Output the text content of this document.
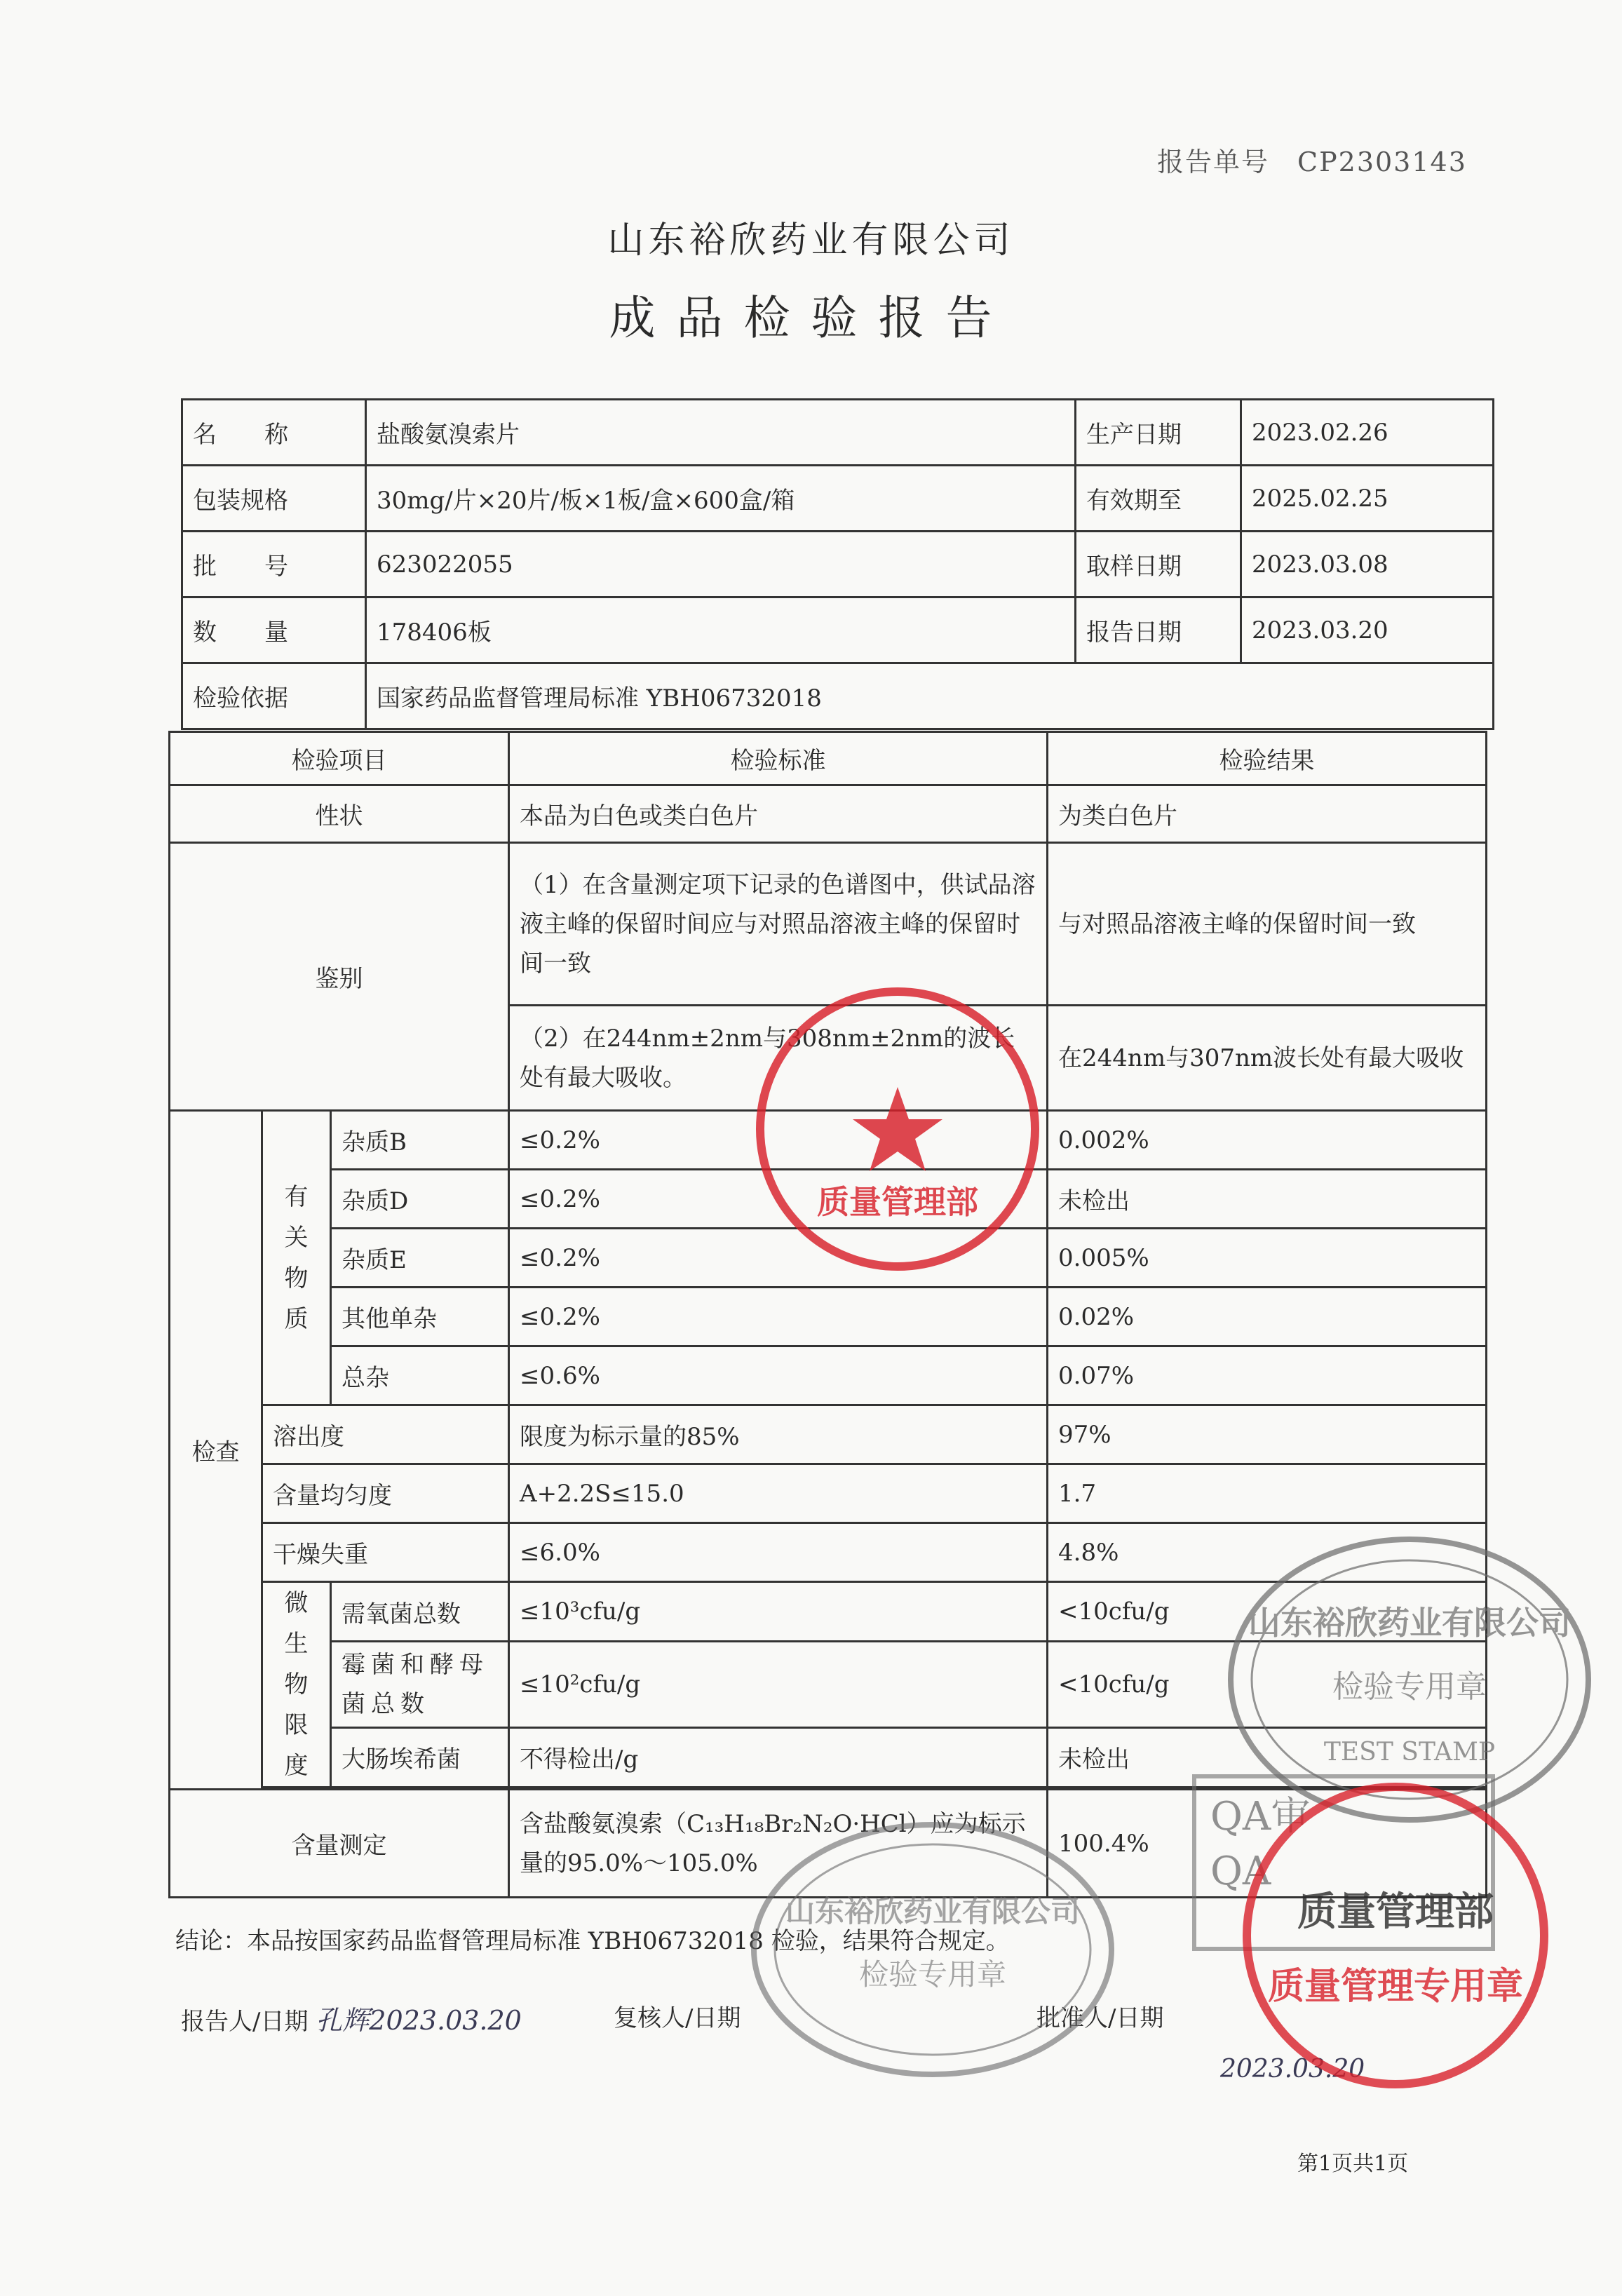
报告单号　CP2303143
山东裕欣药业有限公司
成品检验报告
名　　称	盐酸氨溴索片	生产日期	2023.02.26
包装规格	30mg/片×20片/板×1板/盒×600盒/箱	有效期至	2025.02.25
批　　号	623022055	取样日期	2023.03.08
数　　量	178406板	报告日期	2023.03.20
检验依据	国家药品监督管理局标准 YBH06732018		
检验项目			检验标准	检验结果
性状			本品为白色或类白色片	为类白色片
鉴别			（1）在含量测定项下记录的色谱图中，供试品溶液主峰的保留时间应与对照品溶液主峰的保留时间一致	与对照品溶液主峰的保留时间一致
			（2）在244nm±2nm与308nm±2nm的波长处有最大吸收。	在244nm与307nm波长处有最大吸收
检查	有关物质	杂质B	≤0.2%	0.002%
		杂质D	≤0.2%	未检出
		杂质E	≤0.2%	0.005%
		其他单杂	≤0.2%	0.02%
		总杂	≤0.6%	0.07%
	溶出度		限度为标示量的85%	97%
	含量均匀度		A+2.2S≤15.0	1.7
	干燥失重		≤6.0%	4.8%
	微生物限度	需氧菌总数	≤10³cfu/g	<10cfu/g
		霉菌和酵母菌总数	≤10²cfu/g	<10cfu/g
		大肠埃希菌	不得检出/g	未检出

含量测定			含盐酸氨溴索（C₁₃H₁₈Br₂N₂O·HCl）应为标示量的95.0%～105.0%	100.4%
结论：本品按国家药品监督管理局标准 YBH06732018 检验，结果符合规定。
报告人/日期 孔辉2023.03.20	复核人/日期	批准人/日期
2023.03.20
第1页共1页
质量管理部
山东裕欣药业有限公司
检验专用章
TEST STAMP
QA审
QA
山东裕欣药业有限公司
检验专用章
质量管理部
质量管理专用章
